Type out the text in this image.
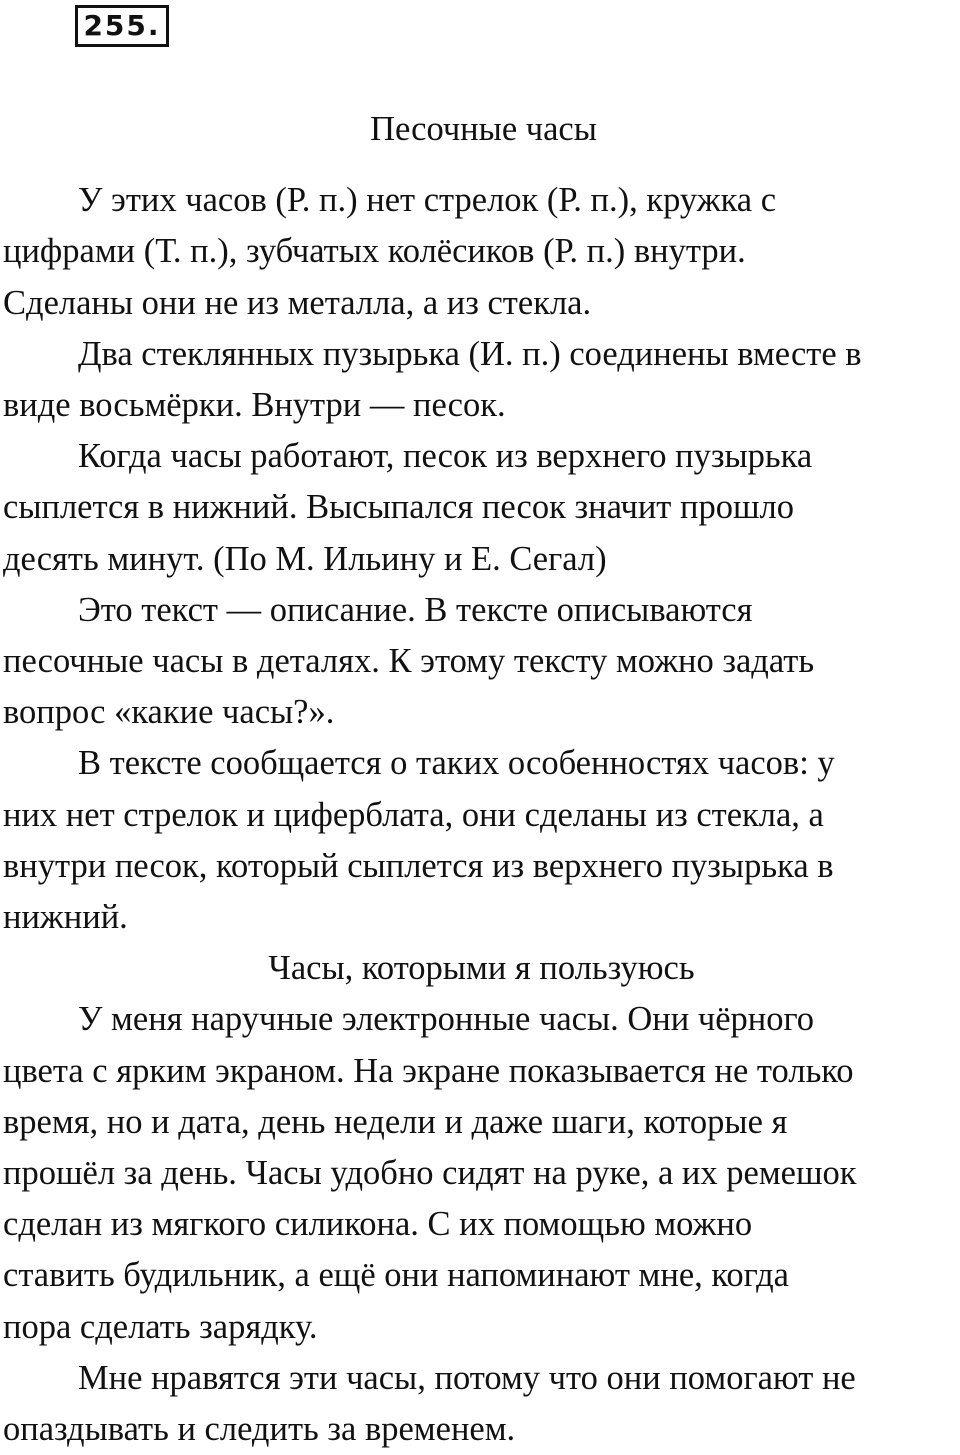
255.
Песочные часы
У этих часов (Р. п.) нет стрелок (Р. п.), кружка с
цифрами (Т. п.), зубчатых колёсиков (Р. п.) внутри.
Сделаны они не из металла, а из стекла.
Два стеклянных пузырька (И. п.) соединены вместе в
виде восьмёрки. Внутри — песок.
Когда часы работают, песок из верхнего пузырька
сыплется в нижний. Высыпался песок значит прошло
десять минут. (По М. Ильину и Е. Сегал)
Это текст — описание. В тексте описываются
песочные часы в деталях. К этому тексту можно задать
вопрос «какие часы?».
В тексте сообщается о таких особенностях часов: у
них нет стрелок и циферблата, они сделаны из стекла, а
внутри песок, который сыплется из верхнего пузырька в
нижний.
Часы, которыми я пользуюсь
У меня наручные электронные часы. Они чёрного
цвета с ярким экраном. На экране показывается не только
время, но и дата, день недели и даже шаги, которые я
прошёл за день. Часы удобно сидят на руке, а их ремешок
сделан из мягкого силикона. С их помощью можно
ставить будильник, а ещё они напоминают мне, когда
пора сделать зарядку.
Мне нравятся эти часы, потому что они помогают не
опаздывать и следить за временем.
